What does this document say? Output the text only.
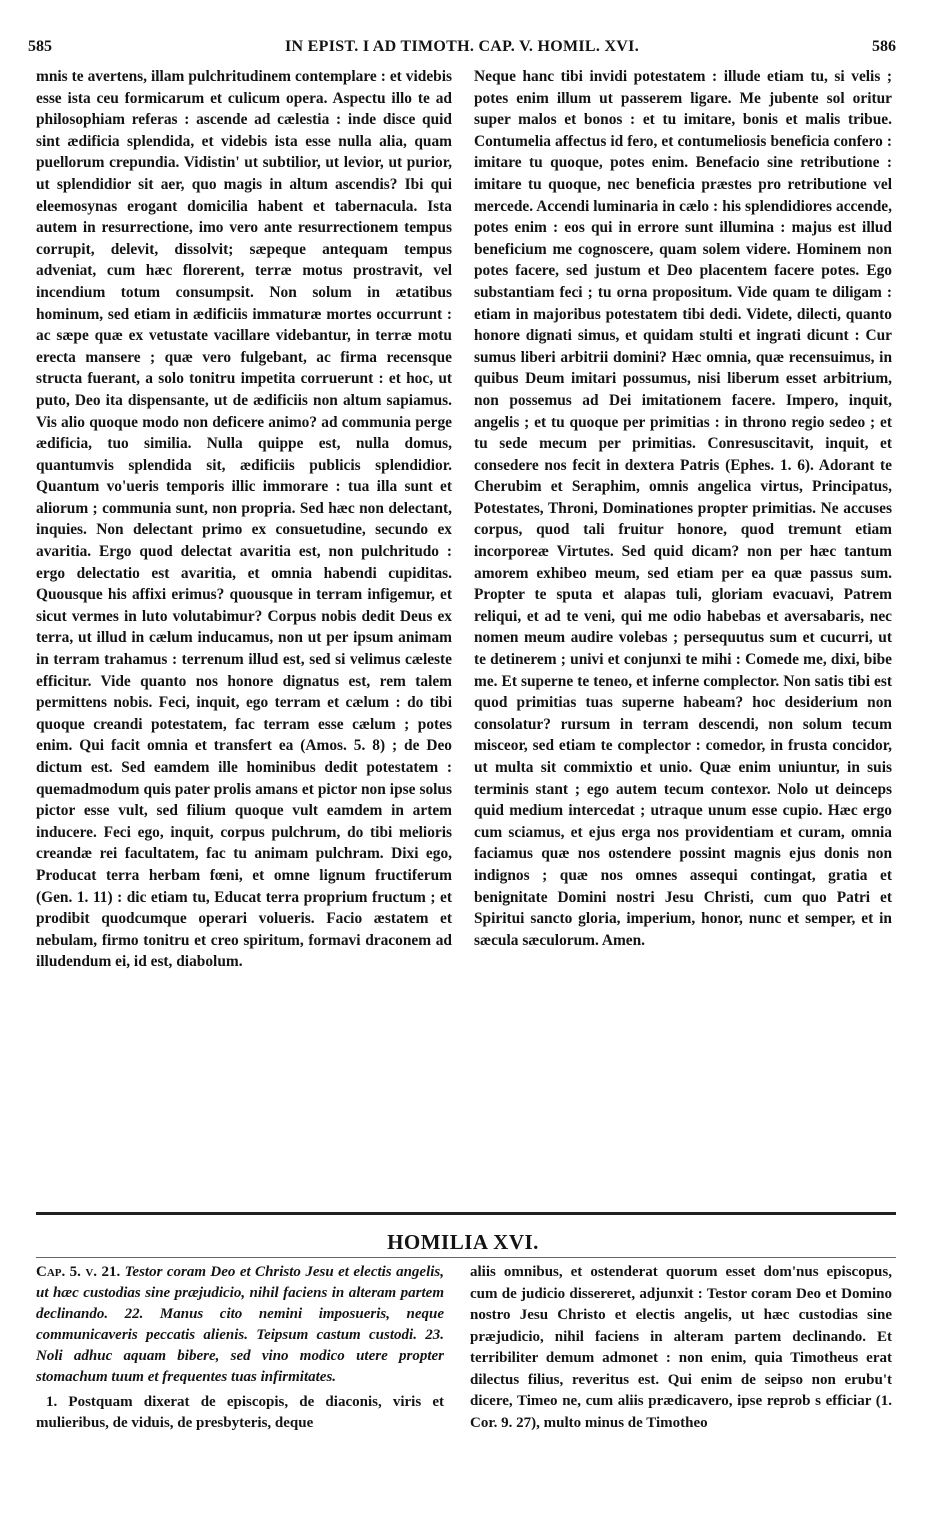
585	IN EPIST. I AD TIMOTH. CAP. V. HOMIL. XVI.	586

mnis te avertens, illam pulchritudinem contemplare : et videbis esse ista ceu formicarum et culicum opera. Aspectu illo te ad philosophiam referas : ascende ad cælestia : inde disce quid sint ædificia splendida, et videbis ista esse nulla alia, quam puellorum crepundia. Vidistin' ut subtilior, ut levior, ut purior, ut splendidior sit aer, quo magis in altum ascendis? Ibi qui eleemosynas erogant domicilia habent et tabernacula. Ista autem in resurrectione, imo vero ante resurrectionem tempus corrupit, delevit, dissolvit; sæpeque antequam tempus adveniat, cum hæc florerent, terræ motus prostravit, vel incendium totum consumpsit. Non solum in ætatibus hominum, sed etiam in ædificiis immaturæ mortes occurrunt : ac sæpe quæ ex vetustate vacillare videbantur, in terræ motu erecta mansere ; quæ vero fulgebant, ac firma recensque structa fuerant, a solo tonitru impetita corruerunt : et hoc, ut puto, Deo ita dispensante, ut de ædificiis non altum sapiamus. Vis alio quoque modo non deficere animo? ad communia perge ædificia, tuo similia. Nulla quippe est, nulla domus, quantumvis splendida sit, ædificiis publicis splendidior. Quantum vo'ueris temporis illic immorare : tua illa sunt et aliorum ; communia sunt, non propria. Sed hæc non delectant, inquies. Non delectant primo ex consuetudine, secundo ex avaritia. Ergo quod delectat avaritia est, non pulchritudo : ergo delectatio est avaritia, et omnia habendi cupiditas. Quousque his affixi erimus? quousque in terram infigemur, et sicut vermes in luto volutabimur? Corpus nobis dedit Deus ex terra, ut illud in cælum inducamus, non ut per ipsum animam in terram trahamus : terrenum illud est, sed si velimus cæleste efficitur. Vide quanto nos honore dignatus est, rem talem permittens nobis. Feci, inquit, ego terram et cælum : do tibi quoque creandi potestatem, fac terram esse cælum ; potes enim. Qui facit omnia et transfert ea (Amos. 5. 8) ; de Deo dictum est. Sed eamdem ille hominibus dedit potestatem : quemadmodum quis pater prolis amans et pictor non ipse solus pictor esse vult, sed filium quoque vult eamdem in artem inducere. Feci ego, inquit, corpus pulchrum, do tibi melioris creandæ rei facultatem, fac tu animam pulchram. Dixi ego, Producat terra herbam fœni, et omne lignum fructiferum (Gen. 1. 11) : dic etiam tu, Educat terra proprium fructum ; et prodibit quodcumque operari volueris. Facio æstatem et nebulam, firmo tonitru et creo spiritum, formavi draconem ad illudendum ei, id est, diabolum.

Neque hanc tibi invidi potestatem : illude etiam tu, si velis ; potes enim illum ut passerem ligare. Me jubente sol oritur super malos et bonos : et tu imitare, bonis et malis tribue. Contumelia affectus id fero, et contumeliosis beneficia confero : imitare tu quoque, potes enim. Benefacio sine retributione : imitare tu quoque, nec beneficia præstes pro retributione vel mercede. Accendi luminaria in cælo : his splendidiores accende, potes enim : eos qui in errore sunt illumina : majus est illud beneficium me cognoscere, quam solem videre. Hominem non potes facere, sed justum et Deo placentem facere potes. Ego substantiam feci ; tu orna propositum. Vide quam te diligam : etiam in majoribus potestatem tibi dedi. Videte, dilecti, quanto honore dignati simus, et quidam stulti et ingrati dicunt : Cur sumus liberi arbitrii domini? Hæc omnia, quæ recensuimus, in quibus Deum imitari possumus, nisi liberum esset arbitrium, non possemus ad Dei imitationem facere. Impero, inquit, angelis ; et tu quoque per primitias : in throno regio sedeo ; et tu sede mecum per primitias. Conresuscitavit, inquit, et consedere nos fecit in dextera Patris (Ephes. 1. 6). Adorant te Cherubim et Seraphim, omnis angelica virtus, Principatus, Potestates, Throni, Dominationes propter primitias. Ne accuses corpus, quod tali fruitur honore, quod tremunt etiam incorporeæ Virtutes. Sed quid dicam? non per hæc tantum amorem exhibeo meum, sed etiam per ea quæ passus sum. Propter te sputa et alapas tuli, gloriam evacuavi, Patrem reliqui, et ad te veni, qui me odio habebas et aversabaris, nec nomen meum audire volebas ; persequutus sum et cucurri, ut te detinerem ; univi et conjunxi te mihi : Comede me, dixi, bibe me. Et superne te teneo, et inferne complector. Non satis tibi est quod primitias tuas superne habeam? hoc desiderium non consolatur? rursum in terram descendi, non solum tecum misceor, sed etiam te complector : comedor, in frusta concidor, ut multa sit commixtio et unio. Quæ enim uniuntur, in suis terminis stant ; ego autem tecum contexor. Nolo ut deinceps quid medium intercedat ; utraque unum esse cupio. Hæc ergo cum sciamus, et ejus erga nos providentiam et curam, omnia faciamus quæ nos ostendere possint magnis ejus donis non indignos ; quæ nos omnes assequi contingat, gratia et benignitate Domini nostri Jesu Christi, cum quo Patri et Spiritui sancto gloria, imperium, honor, nunc et semper, et in sæcula sæculorum. Amen.

HOMILIA XVI.

Cap. 5. v. 21. Testor coram Deo et Christo Jesu et electis angelis, ut hæc custodias sine præjudicio, nihil faciens in alteram partem declinando. 22. Manus cito nemini imposueris, neque communicaveris peccatis alienis. Teipsum castum custodi. 23. Noli adhuc aquam bibere, sed vino modico utere propter stomachum tuum et frequentes tuas infirmitates.

1. Postquam dixerat de episcopis, de diaconis, viris et mulieribus, de viduis, de presbyteris, deque

aliis omnibus, et ostenderat quorum esset dom'nus episcopus, cum de judicio dissereret, adjunxit : Testor coram Deo et Domino nostro Jesu Christo et electis angelis, ut hæc custodias sine præjudicio, nihil faciens in alteram partem declinando. Et terribiliter demum admonet : non enim, quia Timotheus erat dilectus filius, reveritus est. Qui enim de seipso non erubu't dicere, Timeo ne, cum aliis prædicavero, ipse reprob s efficiar (1. Cor. 9. 27), multo minus de Timotheo
